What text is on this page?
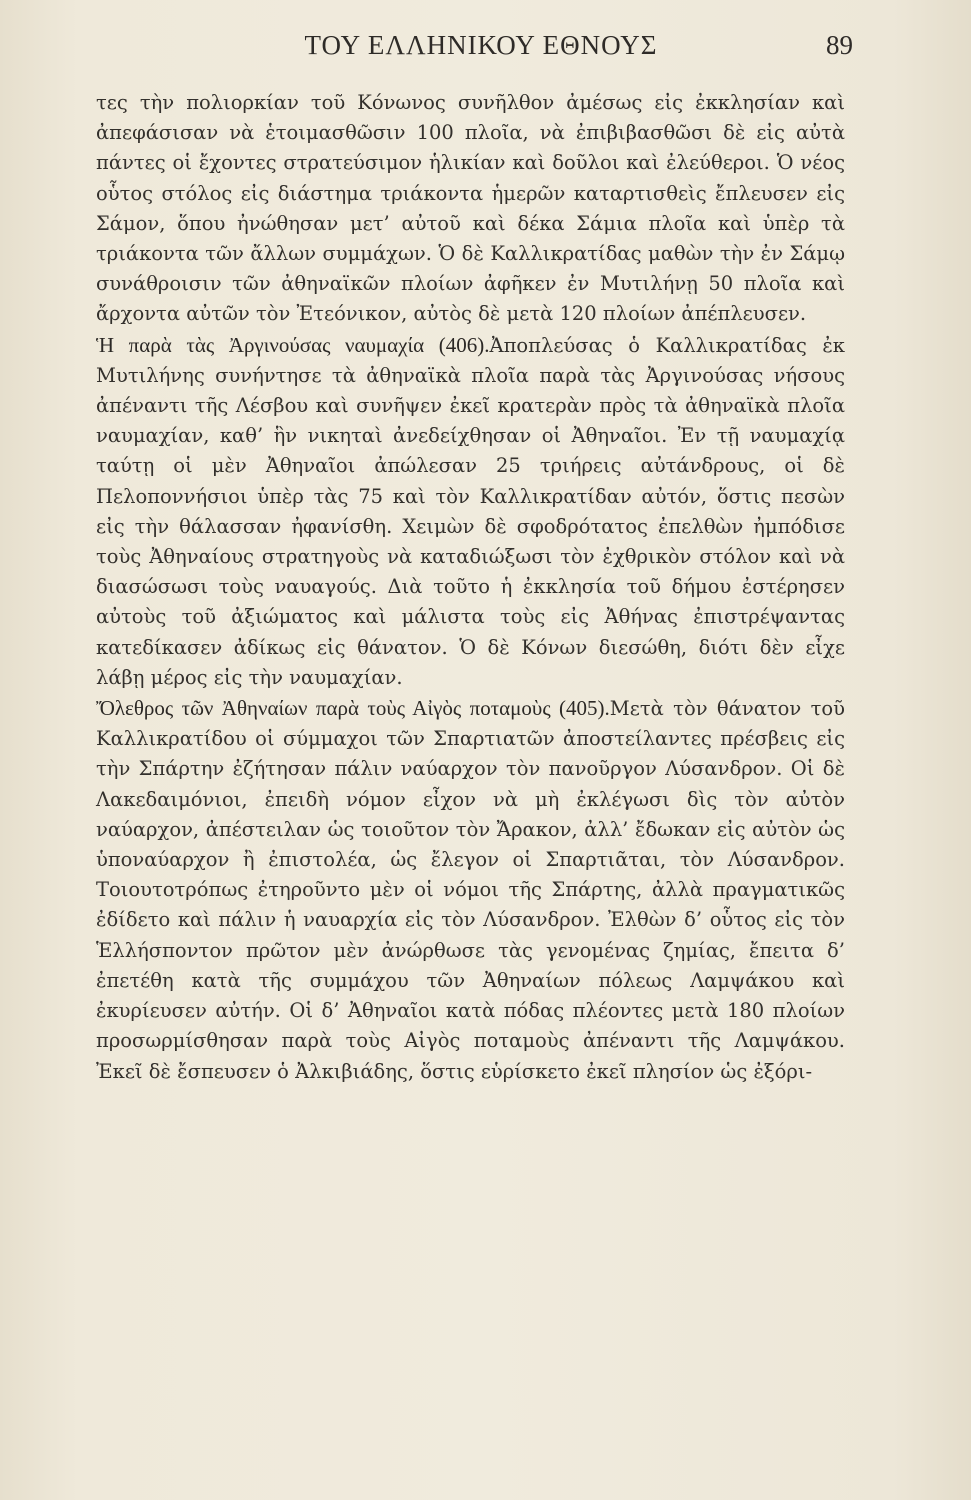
ΤΟΥ ΕΛΛΗΝΙΚΟΥ ΕΘΝΟΥΣ	89

τες τὴν πολιορκίαν τοῦ Κόνωνος συνῆλθον ἀμέσως εἰς ἐκκλησίαν καὶ ἀπεφάσισαν νὰ ἑτοιμασθῶσιν 100 πλοῖα, νὰ ἐπιβιβασθῶσι δὲ εἰς αὐτὰ πάντες οἱ ἔχοντες στρατεύσιμον ἡλικίαν καὶ δοῦλοι καὶ ἐλεύθεροι. Ὁ νέος οὗτος στόλος εἰς διάστημα τριάκοντα ἡμερῶν καταρτισθεὶς ἔπλευσεν εἰς Σάμον, ὅπου ἠνώθησαν μετ’ αὐτοῦ καὶ δέκα Σάμια πλοῖα καὶ ὑπὲρ τὰ τριάκοντα τῶν ἄλλων συμμάχων. Ὁ δὲ Καλλικρατίδας μαθὼν τὴν ἐν Σάμῳ συνάθροισιν τῶν ἀθηναϊκῶν πλοίων ἀφῆκεν ἐν Μυτιλήνῃ 50 πλοῖα καὶ ἄρχοντα αὐτῶν τὸν Ἐτεόνικον, αὐτὸς δὲ μετὰ 120 πλοίων ἀπέπλευσεν.

Ἡ παρὰ τὰς Ἀργινούσας ναυμαχία (406).Ἀποπλεύσας ὁ Καλλικρατίδας ἐκ Μυτιλήνης συνήντησε τὰ ἀθηναϊκὰ πλοῖα παρὰ τὰς Ἀργινούσας νήσους ἀπέναντι τῆς Λέσβου καὶ συνῆψεν ἐκεῖ κρατερὰν πρὸς τὰ ἀθηναϊκὰ πλοῖα ναυμαχίαν, καθ’ ἣν νικηταὶ ἀνεδείχθησαν οἱ Ἀθηναῖοι. Ἐν τῇ ναυμαχίᾳ ταύτῃ οἱ μὲν Ἀθηναῖοι ἀπώλεσαν 25 τριήρεις αὐτάνδρους, οἱ δὲ Πελοποννήσιοι ὑπὲρ τὰς 75 καὶ τὸν Καλλικρατίδαν αὐτόν, ὅστις πεσὼν εἰς τὴν θάλασσαν ἠφανίσθη. Χειμὼν δὲ σφοδρότατος ἐπελθὼν ἠμπόδισε τοὺς Ἀθηναίους στρατηγοὺς νὰ καταδιώξωσι τὸν ἐχθρικὸν στόλον καὶ νὰ διασώσωσι τοὺς ναυαγούς. Διὰ τοῦτο ἡ ἐκκλησία τοῦ δήμου ἐστέρησεν αὐτοὺς τοῦ ἀξιώματος καὶ μάλιστα τοὺς εἰς Ἀθήνας ἐπιστρέψαντας κατεδίκασεν ἀδίκως εἰς θάνατον. Ὁ δὲ Κόνων διεσώθη, διότι δὲν εἶχε λάβῃ μέρος εἰς τὴν ναυμαχίαν.

Ὄλεθρος τῶν Ἀθηναίων παρὰ τοὺς Αἰγὸς ποταμοὺς (405).Μετὰ τὸν θάνατον τοῦ Καλλικρατίδου οἱ σύμμαχοι τῶν Σπαρτιατῶν ἀποστείλαντες πρέσβεις εἰς τὴν Σπάρτην ἐζήτησαν πάλιν ναύαρχον τὸν πανοῦργον Λύσανδρον. Οἱ δὲ Λακεδαιμόνιοι, ἐπειδὴ νόμον εἶχον νὰ μὴ ἐκλέγωσι δὶς τὸν αὐτὸν ναύαρχον, ἀπέστειλαν ὡς τοιοῦτον τὸν Ἄρακον, ἀλλ’ ἔδωκαν εἰς αὐτὸν ὡς ὑποναύαρχον ἢ ἐπιστολέα, ὡς ἔλεγον οἱ Σπαρτιᾶται, τὸν Λύσανδρον. Τοιουτοτρόπως ἐτηροῦντο μὲν οἱ νόμοι τῆς Σπάρτης, ἀλλὰ πραγματικῶς ἐδίδετο καὶ πάλιν ἡ ναυαρχία εἰς τὸν Λύσανδρον. Ἐλθὼν δ’ οὗτος εἰς τὸν Ἑλλήσποντον πρῶτον μὲν ἀνώρθωσε τὰς γενομένας ζημίας, ἔπειτα δ’ ἐπετέθη κατὰ τῆς συμμάχου τῶν Ἀθηναίων πόλεως Λαμψάκου καὶ ἐκυρίευσεν αὐτήν. Οἱ δ’ Ἀθηναῖοι κατὰ πόδας πλέοντες μετὰ 180 πλοίων προσωρμίσθησαν παρὰ τοὺς Αἰγὸς ποταμοὺς ἀπέναντι τῆς Λαμψάκου. Ἐκεῖ δὲ ἔσπευσεν ὁ Ἀλκιβιάδης, ὅστις εὑρίσκετο ἐκεῖ πλησίον ὡς ἐξόρι-
